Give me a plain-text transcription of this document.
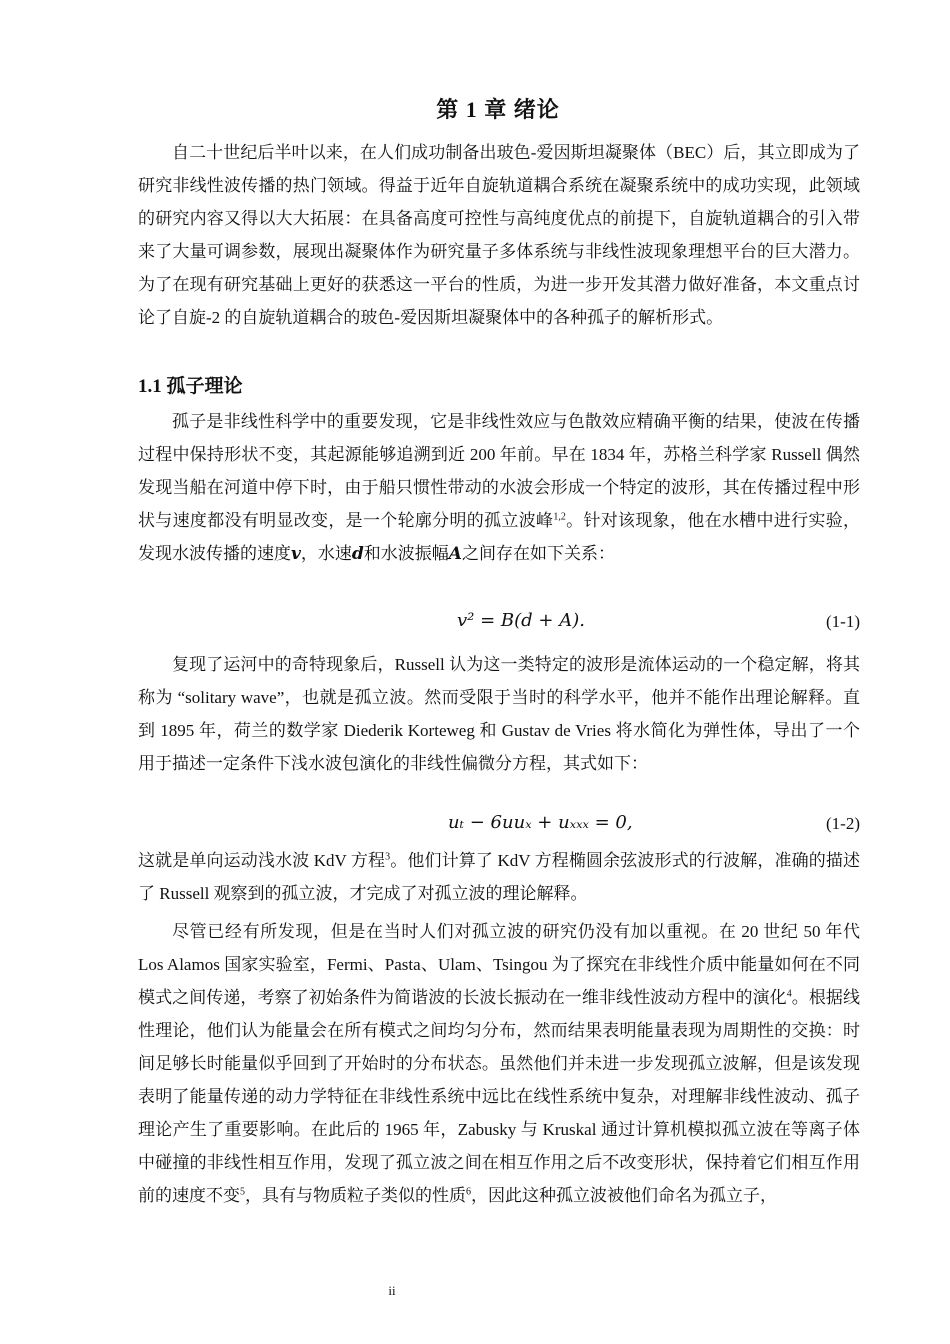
第 1 章 绪论
自二十世纪后半叶以来，在人们成功制备出玻色-爱因斯坦凝聚体（BEC）后，其立即成为了研究非线性波传播的热门领域。得益于近年自旋轨道耦合系统在凝聚系统中的成功实现，此领域的研究内容又得以大大拓展：在具备高度可控性与高纯度优点的前提下，自旋轨道耦合的引入带来了大量可调参数，展现出凝聚体作为研究量子多体系统与非线性波现象理想平台的巨大潜力。为了在现有研究基础上更好的获悉这一平台的性质，为进一步开发其潜力做好准备，本文重点讨论了自旋-2 的自旋轨道耦合的玻色-爱因斯坦凝聚体中的各种孤子的解析形式。
1.1 孤子理论
孤子是非线性科学中的重要发现，它是非线性效应与色散效应精确平衡的结果，使波在传播过程中保持形状不变，其起源能够追溯到近 200 年前。早在 1834 年，苏格兰科学家 Russell 偶然发现当船在河道中停下时，由于船只惯性带动的水波会形成一个特定的波形，其在传播过程中形状与速度都没有明显改变，是一个轮廓分明的孤立波峰$^{1,2}$。针对该现象，他在水槽中进行实验，发现水波传播的速度v，水速d和水波振幅A之间存在如下关系：
v² = B(d + A).	(1-1)
复现了运河中的奇特现象后，Russell 认为这一类特定的波形是流体运动的一个稳定解，将其称为 “solitary wave”，也就是孤立波。然而受限于当时的科学水平，他并不能作出理论解释。直到 1895 年，荷兰的数学家 Diederik Korteweg 和 Gustav de Vries 将水简化为弹性体，导出了一个用于描述一定条件下浅水波包演化的非线性偏微分方程，其式如下：
uₜ − 6uuₓ + uₓₓₓ = 0,	(1-2)
这就是单向运动浅水波 KdV 方程$^3$。他们计算了 KdV 方程椭圆余弦波形式的行波解，准确的描述了 Russell 观察到的孤立波，才完成了对孤立波的理论解释。
尽管已经有所发现，但是在当时人们对孤立波的研究仍没有加以重视。在 20 世纪 50 年代 Los Alamos 国家实验室，Fermi、Pasta、Ulam、Tsingou 为了探究在非线性介质中能量如何在不同模式之间传递，考察了初始条件为简谐波的长波长振动在一维非线性波动方程中的演化$^4$。根据线性理论，他们认为能量会在所有模式之间均匀分布，然而结果表明能量表现为周期性的交换：时间足够长时能量似乎回到了开始时的分布状态。虽然他们并未进一步发现孤立波解，但是该发现表明了能量传递的动力学特征在非线性系统中远比在线性系统中复杂，对理解非线性波动、孤子理论产生了重要影响。在此后的 1965 年，Zabusky 与 Kruskal 通过计算机模拟孤立波在等离子体中碰撞的非线性相互作用，发现了孤立波之间在相互作用之后不改变形状，保持着它们相互作用前的速度不变$^5$，具有与物质粒子类似的性质$^6$，因此这种孤立波被他们命名为孤立子，
ii
